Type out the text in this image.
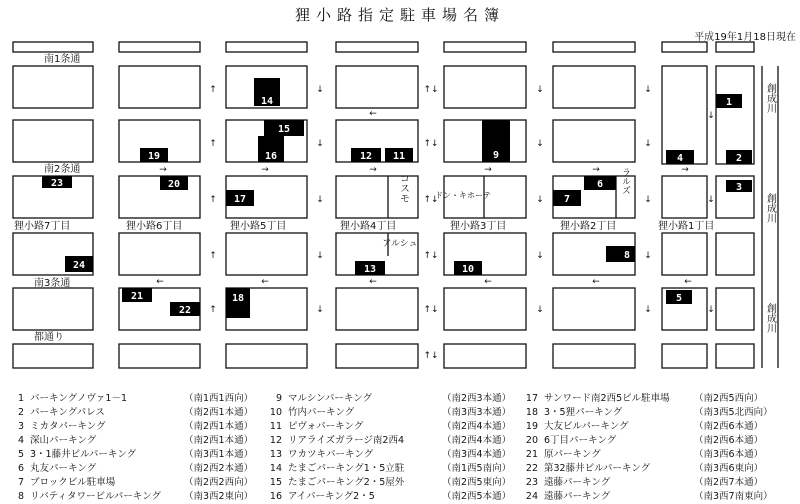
狸小路指定駐車場名簿
平成19年1月18日現在
南1条通
南2条通
南3条通
都通り
狸小路7丁目	狸小路6丁目	狸小路5丁目	狸小路4丁目	狸小路3丁目	狸小路2丁目	狸小路1丁目
創成川
創成川
創成川
コスモ	ラルズ
ドン・キホーテ
アルシュ
1
2
3
4
5
6
7
8
9
10
11
12
13
14
15
16
17
18
19
20
21
22
23
24
↑	↓	↑↓	↓	↓
↓
↑	↓	↑↓	↓	↓
↑	↓	↑↓	↓	↓	↓
↑	↓	↑↓	↓	↓
↑	↓	↑↓	↓	↓	↓
↑↓
←
→	→	→	→	→	→
←	←	←	←	←	←
1 パーキングノヴァ1－1	（南1西1西向）
2 パーキングパレス	（南2西1本通）
3 ミカタパーキング	（南2西1本通）
4 深山パーキング	（南2西1本通）
5 3・1藤井ビルパーキング	（南3西1本通）
6 丸友パーキング	（南2西2本通）
7 ブロックビル駐車場	（南2西2西向）
8 リバティタワービルパーキング （南3西2東向）
9 マルシンパーキング	（南2西3本通）
10 竹内パーキング	（南3西3本通）
11 ピヴォパーキング	（南2西4本通）
12 リアライズガラージ南2西4	（南2西4本通）
13 ワカツキパーキング	（南3西4本通）
14 たまごパーキング1・5立駐	（南1西5南向）
15 たまごパーキング2・5屋外	（南2西5東向）
16 アイパーキング2・5	（南2西5本通）
17 サンワード南2西5ビル駐車場	（南2西5西向）
18 3・5狸パーキング	（南3西5北西向）
19 大友ビルパーキング	（南2西6本通）
20 6丁目パーキング	（南2西6本通）
21 原パーキング	（南3西6本通）
22 第32藤井ビルパーキング	（南3西6東向）
23 遠藤パーキング	（南2西7本通）
24 遠藤パーキング	（南3西7南東向）
